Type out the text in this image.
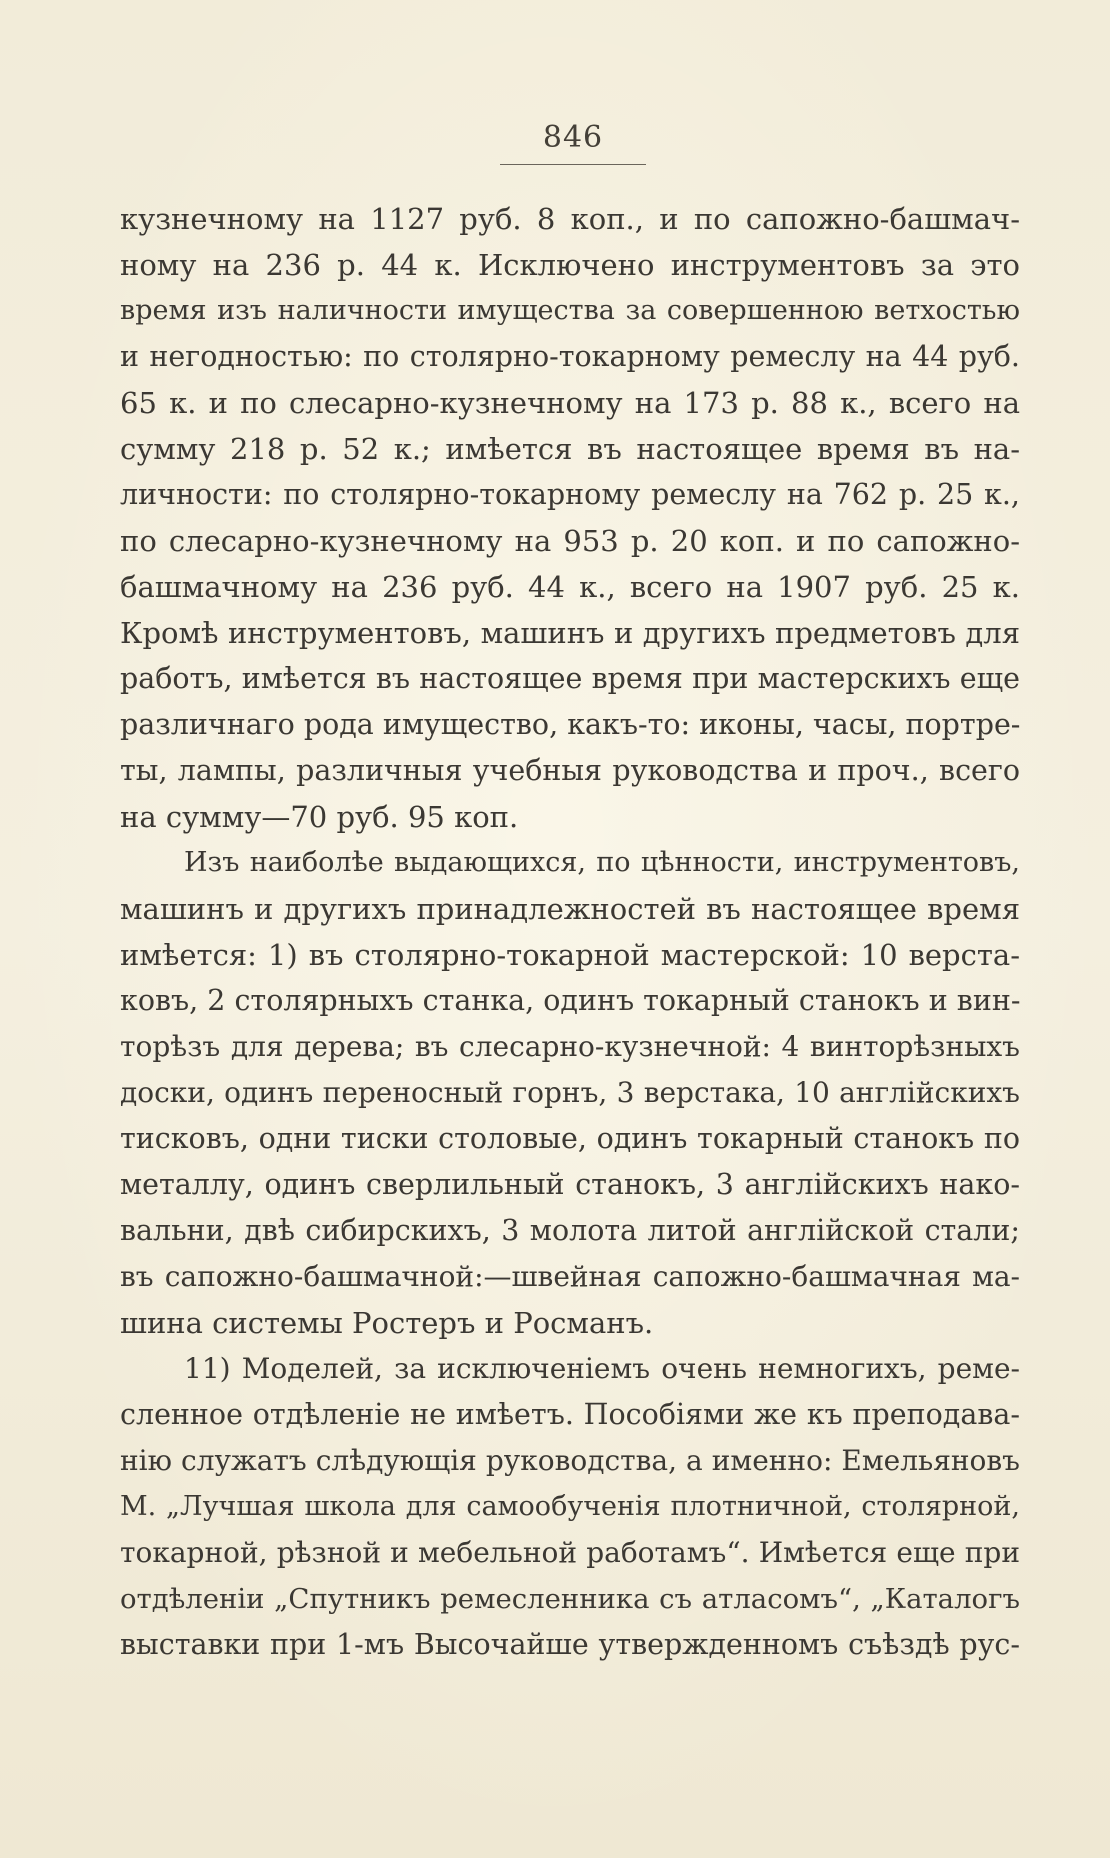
846
кузнечному на 1127 руб. 8 коп., и по сапожно-башмач-
ному на 236 р. 44 к. Исключено инструментовъ за это
время изъ наличности имущества за совершенною ветхостью
и негодностью: по столярно-токарному ремеслу на 44 руб.
65 к. и по слесарно-кузнечному на 173 р. 88 к., всего на
сумму 218 р. 52 к.; имѣется въ настоящее время въ на-
личности: по столярно-токарному ремеслу на 762 р. 25 к.,
по слесарно-кузнечному на 953 р. 20 коп. и по сапожно-
башмачному на 236 руб. 44 к., всего на 1907 руб. 25 к.
Кромѣ инструментовъ, машинъ и другихъ предметовъ для
работъ, имѣется въ настоящее время при мастерскихъ еще
различнаго рода имущество, какъ-то: иконы, часы, портре-
ты, лампы, различныя учебныя руководства и проч., всего
на сумму—70 руб. 95 коп.
Изъ наиболѣе выдающихся, по цѣнности, инструментовъ,
машинъ и другихъ принадлежностей въ настоящее время
имѣется: 1) въ столярно-токарной мастерской: 10 верста-
ковъ, 2 столярныхъ станка, одинъ токарный станокъ и вин-
торѣзъ для дерева; въ слесарно-кузнечной: 4 винторѣзныхъ
доски, одинъ переносный горнъ, 3 верстака, 10 англійскихъ
тисковъ, одни тиски столовые, одинъ токарный станокъ по
металлу, одинъ сверлильный станокъ, 3 англійскихъ нако-
вальни, двѣ сибирскихъ, 3 молота литой англійской стали;
въ сапожно-башмачной:—швейная сапожно-башмачная ма-
шина системы Ростеръ и Росманъ.
11) Моделей, за исключеніемъ очень немногихъ, реме-
сленное отдѣленіе не имѣетъ. Пособіями же къ преподава-
нію служатъ слѣдующія руководства, а именно: Емельяновъ
М. „Лучшая школа для самообученія плотничной, столярной,
токарной, рѣзной и мебельной работамъ“. Имѣется еще при
отдѣленіи „Спутникъ ремесленника съ атласомъ“, „Каталогъ
выставки при 1-мъ Высочайше утвержденномъ съѣздѣ рус-
